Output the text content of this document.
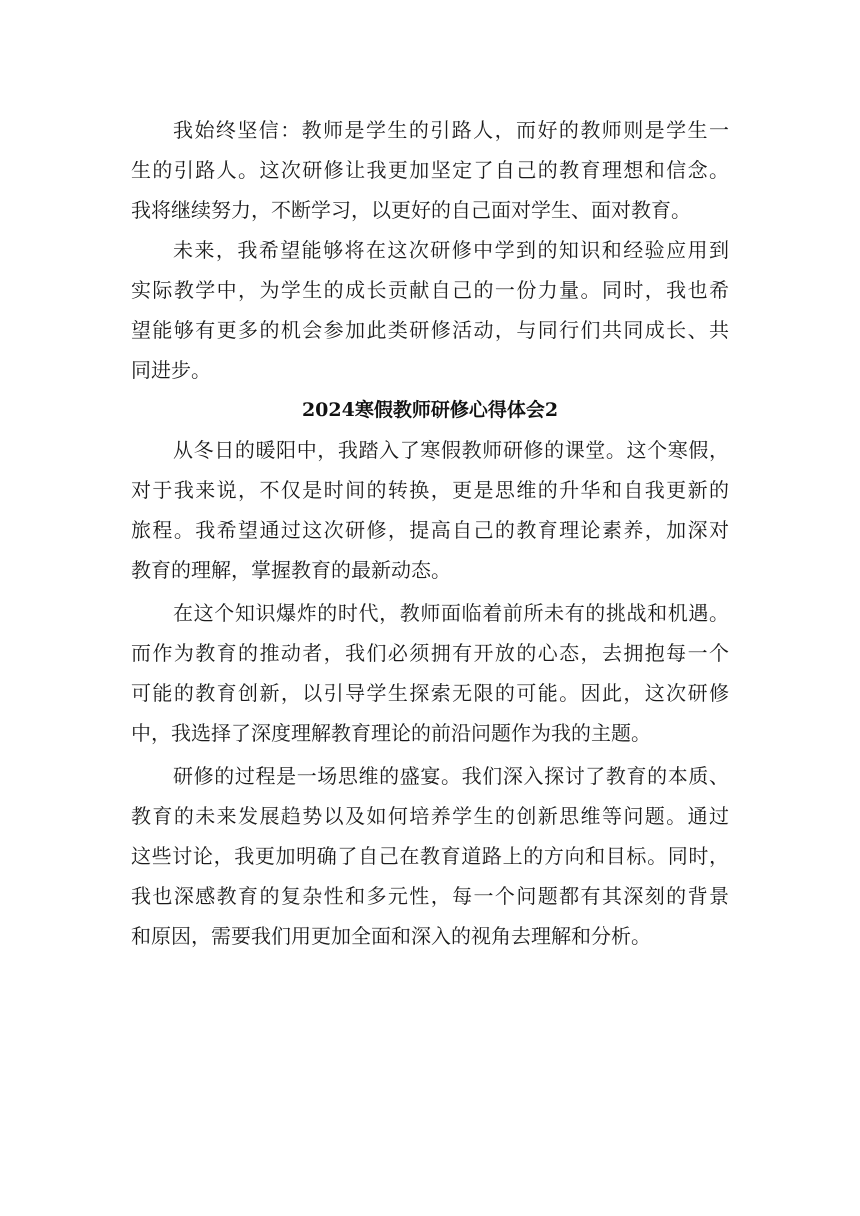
我始终坚信：教师是学生的引路人，而好的教师则是学生一
生的引路人。这次研修让我更加坚定了自己的教育理想和信念。
我将继续努力，不断学习，以更好的自己面对学生、面对教育。
未来，我希望能够将在这次研修中学到的知识和经验应用到
实际教学中，为学生的成长贡献自己的一份力量。同时，我也希
望能够有更多的机会参加此类研修活动，与同行们共同成长、共
同进步。
2024寒假教师研修心得体会2
从冬日的暖阳中，我踏入了寒假教师研修的课堂。这个寒假，
对于我来说，不仅是时间的转换，更是思维的升华和自我更新的
旅程。我希望通过这次研修，提高自己的教育理论素养，加深对
教育的理解，掌握教育的最新动态。
在这个知识爆炸的时代，教师面临着前所未有的挑战和机遇。
而作为教育的推动者，我们必须拥有开放的心态，去拥抱每一个
可能的教育创新，以引导学生探索无限的可能。因此，这次研修
中，我选择了深度理解教育理论的前沿问题作为我的主题。
研修的过程是一场思维的盛宴。我们深入探讨了教育的本质、
教育的未来发展趋势以及如何培养学生的创新思维等问题。通过
这些讨论，我更加明确了自己在教育道路上的方向和目标。同时，
我也深感教育的复杂性和多元性，每一个问题都有其深刻的背景
和原因，需要我们用更加全面和深入的视角去理解和分析。
